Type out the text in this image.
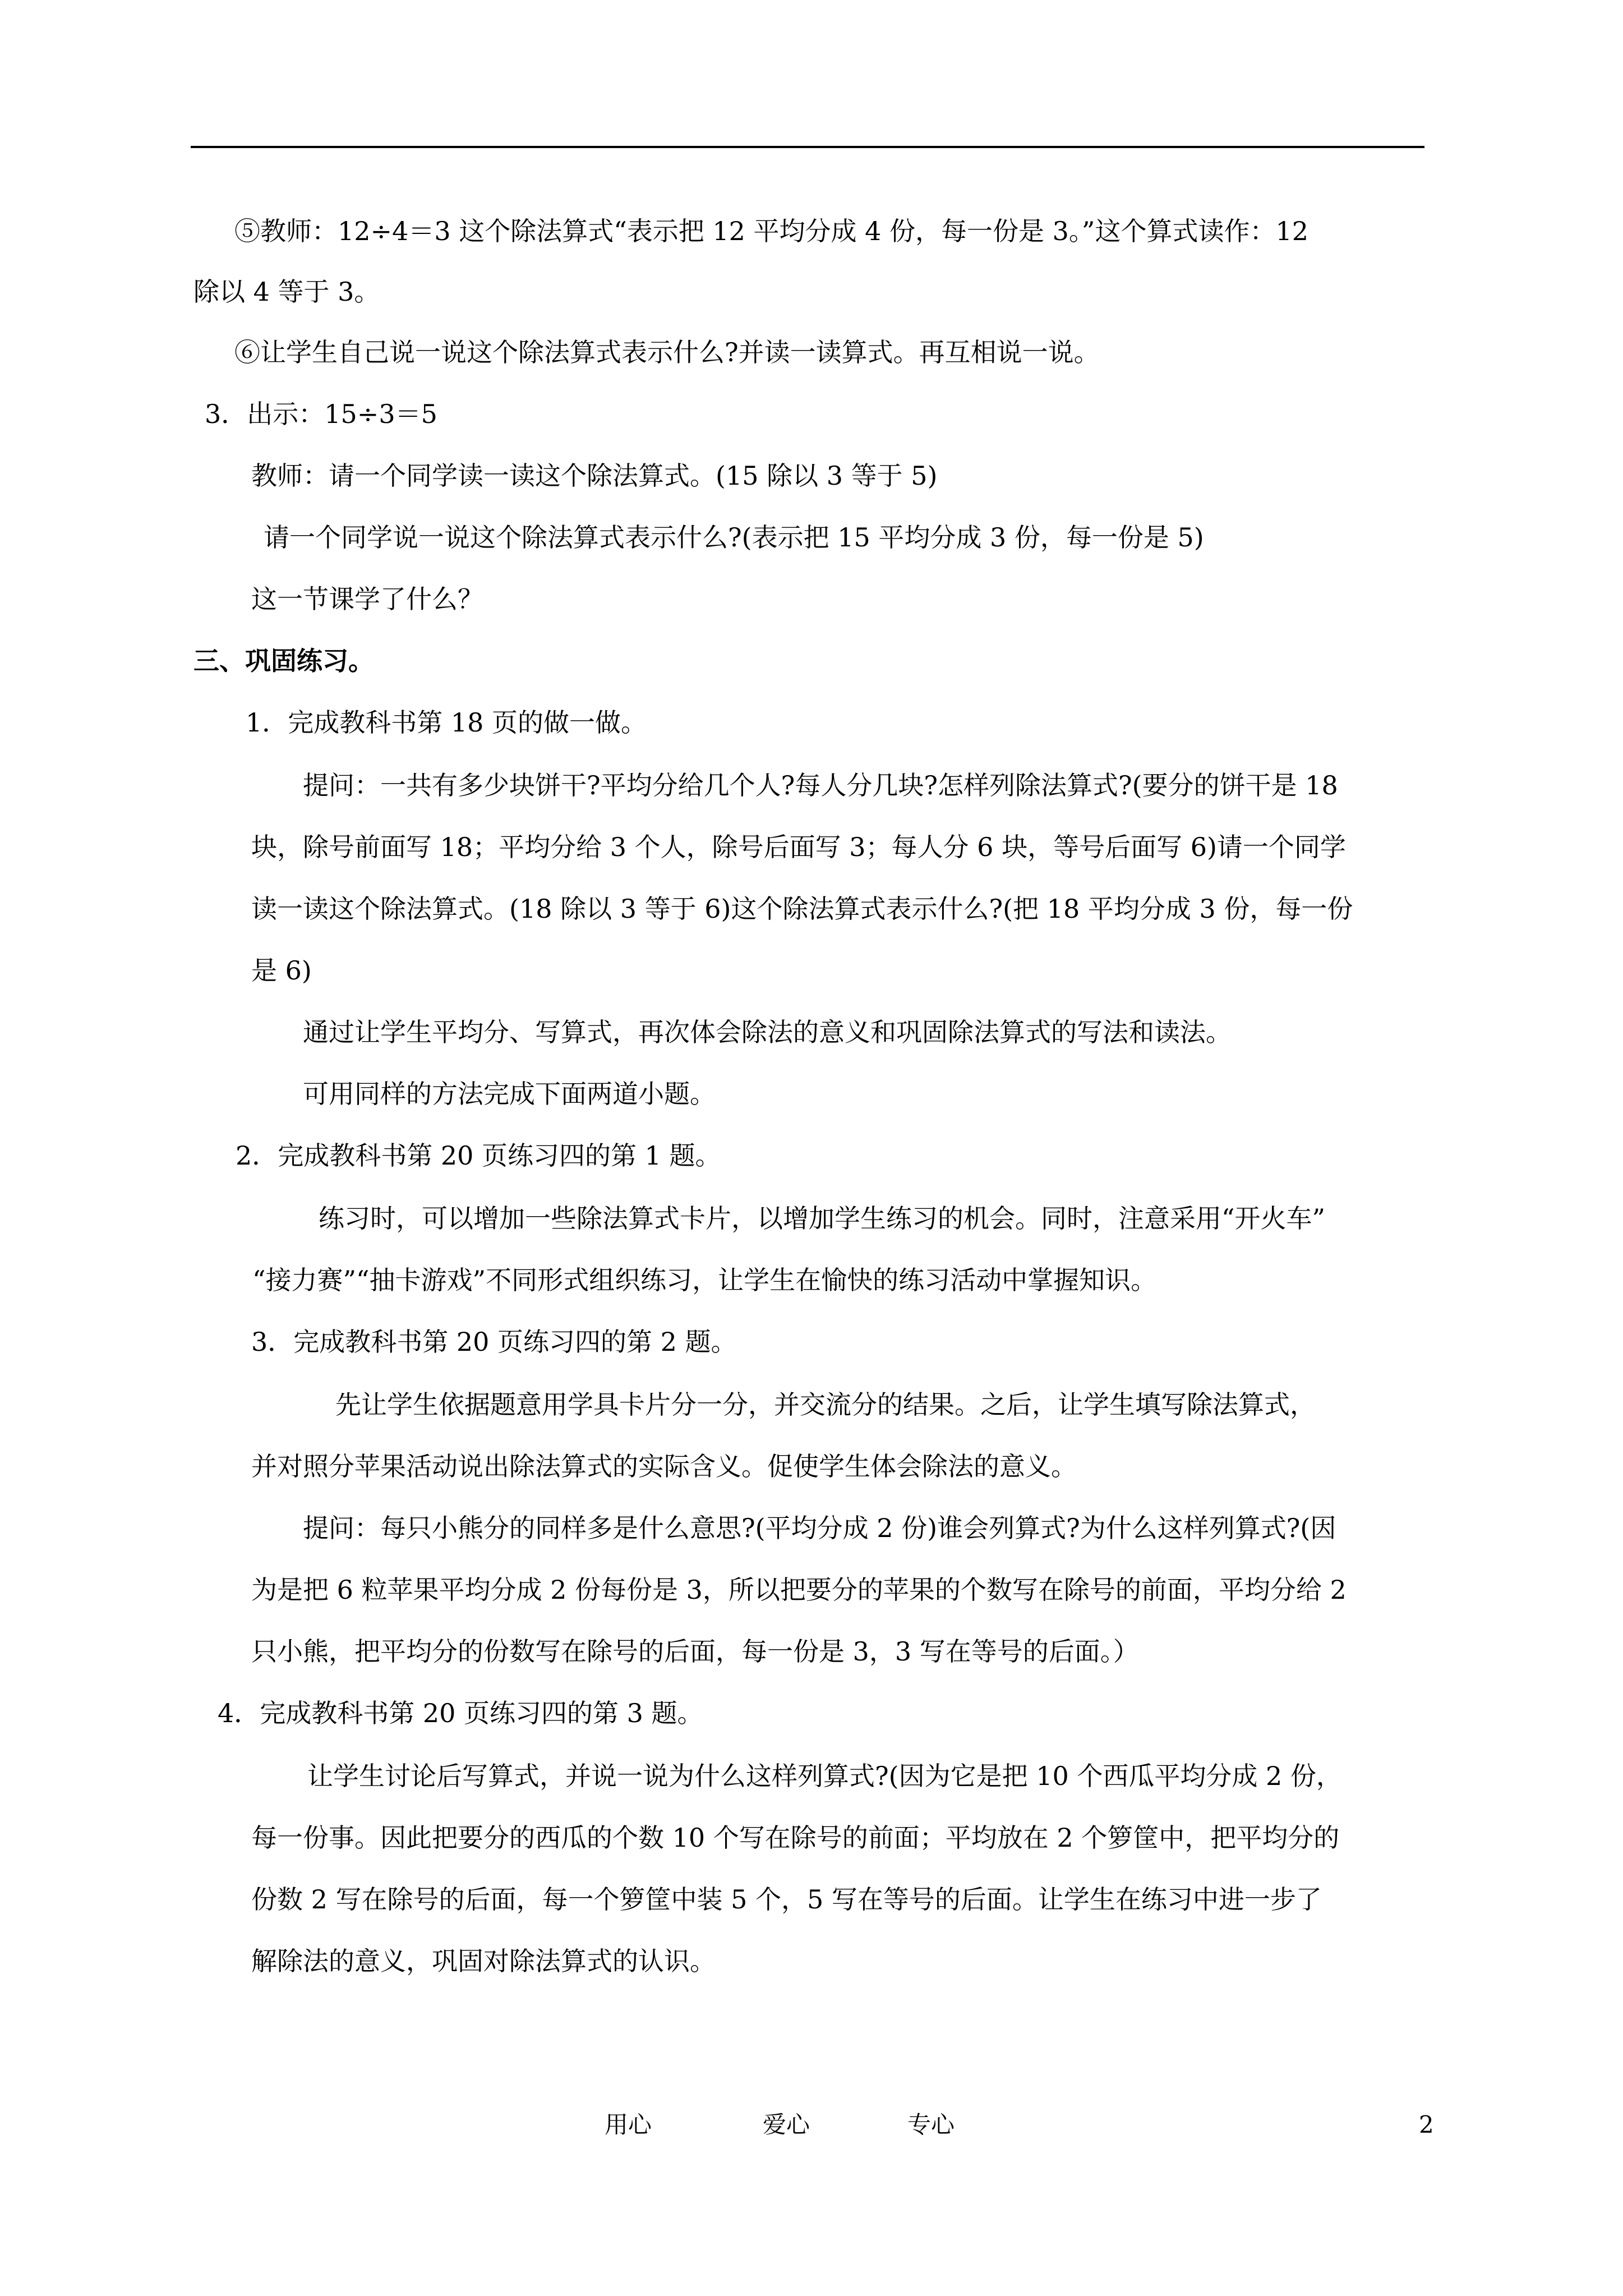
⑤教师：12÷4＝3 这个除法算式“表示把 12 平均分成 4 份，每一份是 3。”这个算式读作：12

除以 4 等于 3。

⑥让学生自己说一说这个除法算式表示什么?并读一读算式。再互相说一说。

3．出示：15÷3＝5

教师：请一个同学读一读这个除法算式。(15 除以 3 等于 5)

请一个同学说一说这个除法算式表示什么?(表示把 15 平均分成 3 份，每一份是 5)

这一节课学了什么？

三、巩固练习。

1．完成教科书第 18 页的做一做。

提问：一共有多少块饼干?平均分给几个人?每人分几块?怎样列除法算式?(要分的饼干是 18

块，除号前面写 18；平均分给 3 个人，除号后面写 3；每人分 6 块，等号后面写 6)请一个同学

读一读这个除法算式。(18 除以 3 等于 6)这个除法算式表示什么?(把 18 平均分成 3 份，每一份

是 6)

通过让学生平均分、写算式，再次体会除法的意义和巩固除法算式的写法和读法。

可用同样的方法完成下面两道小题。

2．完成教科书第 20 页练习四的第 1 题。

练习时，可以增加一些除法算式卡片，以增加学生练习的机会。同时，注意采用“开火车”

“接力赛”“抽卡游戏”不同形式组织练习，让学生在愉快的练习活动中掌握知识。

3．完成教科书第 20 页练习四的第 2 题。

先让学生依据题意用学具卡片分一分，并交流分的结果。之后，让学生填写除法算式，

并对照分苹果活动说出除法算式的实际含义。促使学生体会除法的意义。

提问：每只小熊分的同样多是什么意思?(平均分成 2 份)谁会列算式?为什么这样列算式?(因

为是把 6 粒苹果平均分成 2 份每份是 3，所以把要分的苹果的个数写在除号的前面，平均分给 2

只小熊，把平均分的份数写在除号的后面，每一份是 3，3 写在等号的后面。）

4．完成教科书第 20 页练习四的第 3 题。

让学生讨论后写算式，并说一说为什么这样列算式?(因为它是把 10 个西瓜平均分成 2 份，

每一份事。因此把要分的西瓜的个数 10 个写在除号的前面；平均放在 2 个箩筐中，把平均分的

份数 2 写在除号的后面，每一个箩筐中装 5 个，5 写在等号的后面。让学生在练习中进一步了

解除法的意义，巩固对除法算式的认识。

用心	爱心	专心	2
